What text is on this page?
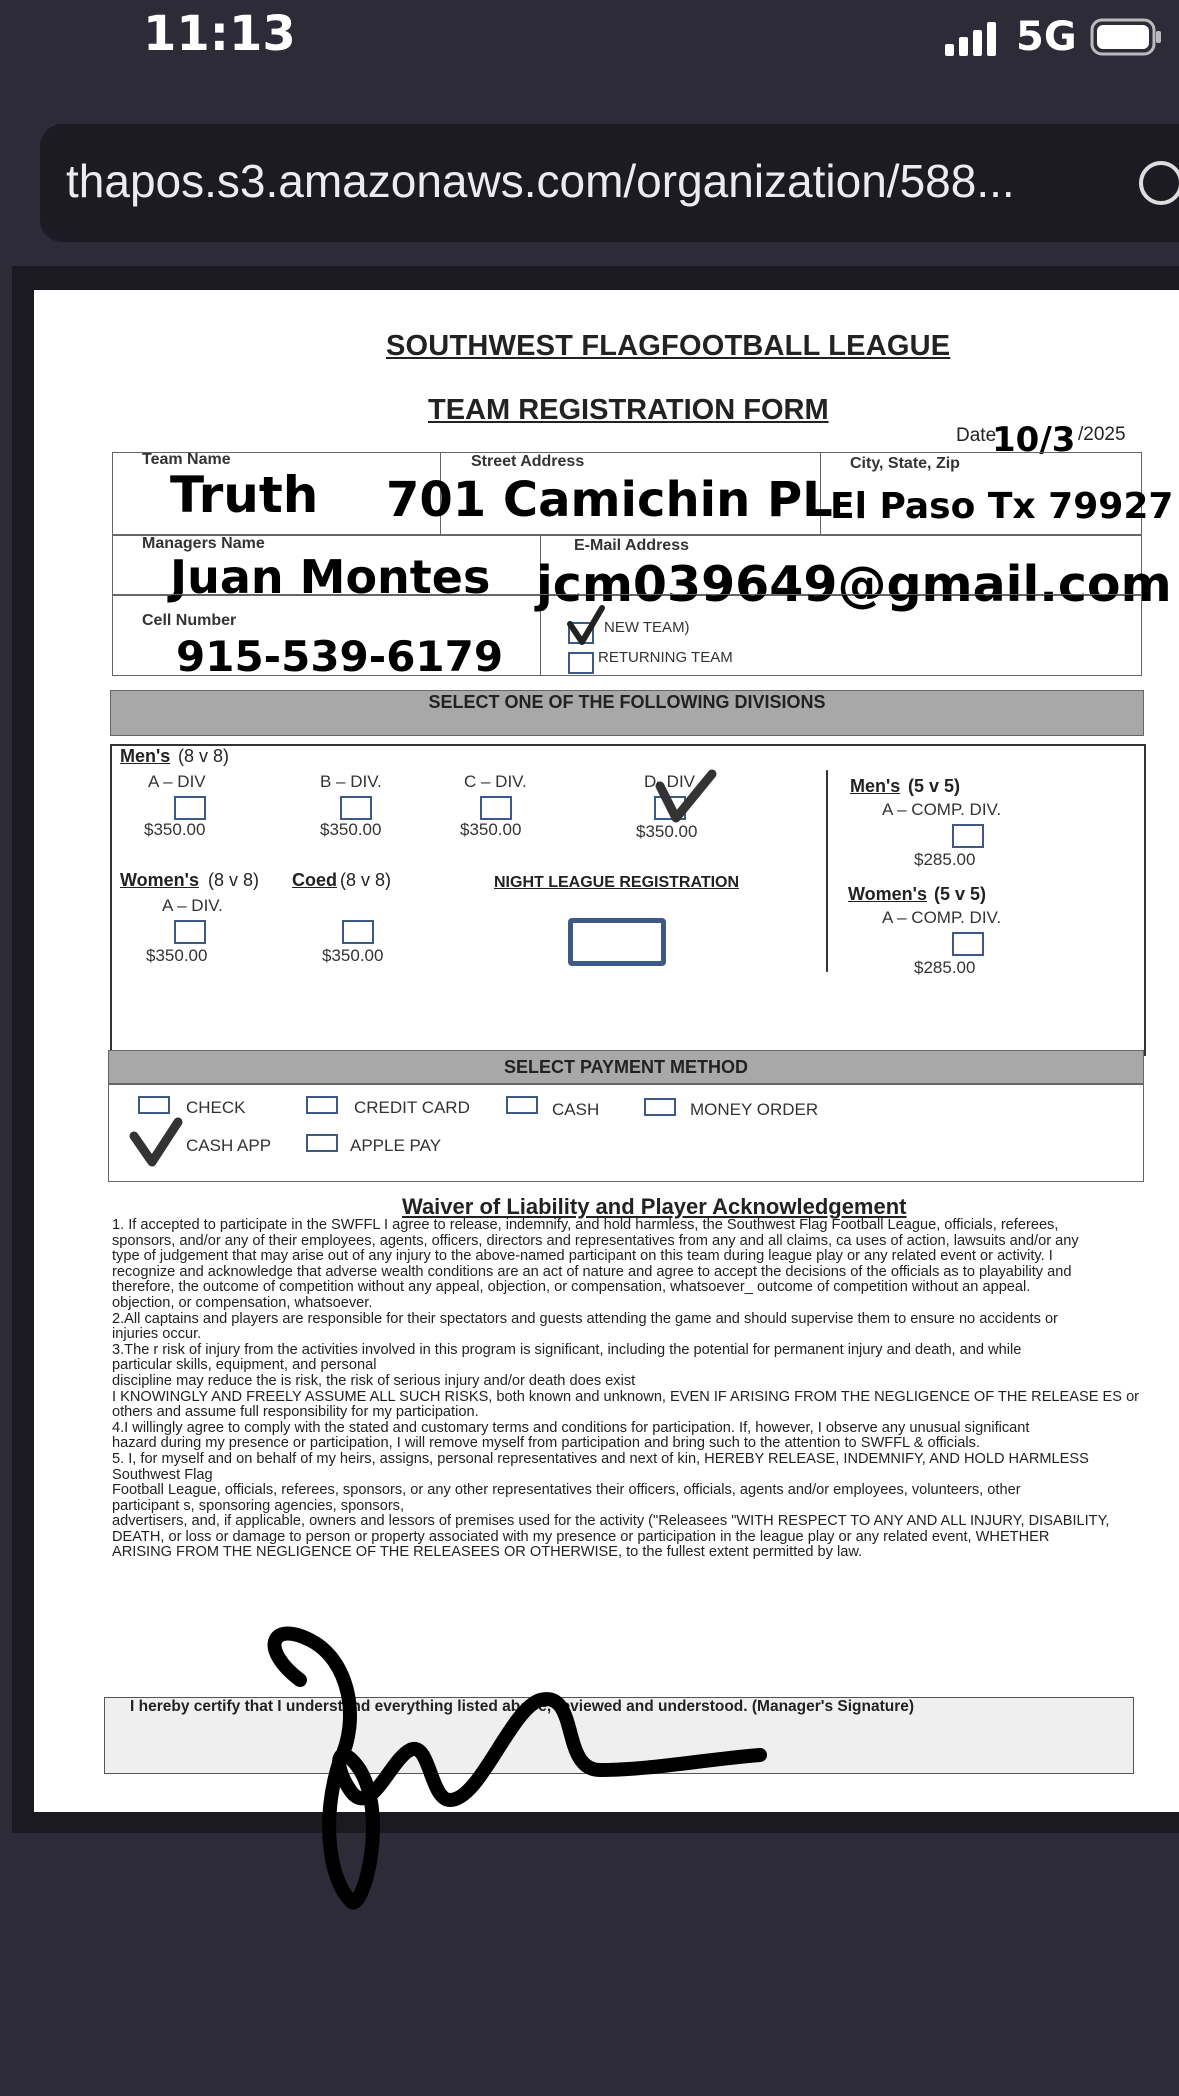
11:13	5G
thapos.s3.amazonaws.com/organization/588...
SOUTHWEST FLAGFOOTBALL LEAGUE
TEAM REGISTRATION FORM
Date
10/3 /2025
Team Name
Truth
Street Address
701 Camichin PL
City, State, Zip
El Paso Tx 79927
Managers Name
Juan Montes
E-Mail Address
jcm039649@gmail.com
Cell Number
915-539-6179
NEW TEAM)
RETURNING TEAM
SELECT ONE OF THE FOLLOWING DIVISIONS
Men's (8 v 8)
A – DIV
$350.00
B – DIV.
$350.00
C – DIV.
$350.00
D- DIV
$350.00
Women's (8 v 8)
A – DIV.
$350.00
Coed (8 v 8)
$350.00
NIGHT LEAGUE REGISTRATION
Men's (5 v 5)
A – COMP. DIV.
$285.00
Women's (5 v 5)
A – COMP. DIV.
$285.00
SELECT PAYMENT METHOD
CHECK	CREDIT CARD	CASH	MONEY ORDER
CASH APP	APPLE PAY
Waiver of Liability and Player Acknowledgement
1. If accepted to participate in the SWFFL I agree to release, indemnify, and hold harmless, the Southwest Flag Football League, officials, referees,
sponsors, and/or any of their employees, agents, officers, directors and representatives from any and all claims, ca uses of action, lawsuits and/or any
type of judgement that may arise out of any injury to the above-named participant on this team during league play or any related event or activity. I
recognize and acknowledge that adverse wealth conditions are an act of nature and agree to accept the decisions of the officials as to playability and
therefore, the outcome of competition without any appeal, objection, or compensation, whatsoever_ outcome of competition without an appeal.
objection, or compensation, whatsoever.
2.All captains and players are responsible for their spectators and guests attending the game and should supervise them to ensure no accidents or
injuries occur.
3.The r risk of injury from the activities involved in this program is significant, including the potential for permanent injury and death, and while
particular skills, equipment, and personal
discipline may reduce the is risk, the risk of serious injury and/or death does exist
I KNOWINGLY AND FREELY ASSUME ALL SUCH RISKS, both known and unknown, EVEN IF ARISING FROM THE NEGLIGENCE OF THE RELEASE ES or
others and assume full responsibility for my participation.
4.I willingly agree to comply with the stated and customary terms and conditions for participation. If, however, I observe any unusual significant
hazard during my presence or participation, I will remove myself from participation and bring such to the attention to SWFFL & officials.
5. I, for myself and on behalf of my heirs, assigns, personal representatives and next of kin, HEREBY RELEASE, INDEMNIFY, AND HOLD HARMLESS
Southwest Flag
Football League, officials, referees, sponsors, or any other representatives their officers, officials, agents and/or employees, volunteers, other
participant s, sponsoring agencies, sponsors,
advertisers, and, if applicable, owners and lessors of premises used for the activity ("Releasees "WITH RESPECT TO ANY AND ALL INJURY, DISABILITY,
DEATH, or loss or damage to person or property associated with my presence or participation in the league play or any related event, WHETHER
ARISING FROM THE NEGLIGENCE OF THE RELEASEES OR OTHERWISE, to the fullest extent permitted by law.
I hereby certify that I understand everything listed above, reviewed and understood. (Manager's Signature)
